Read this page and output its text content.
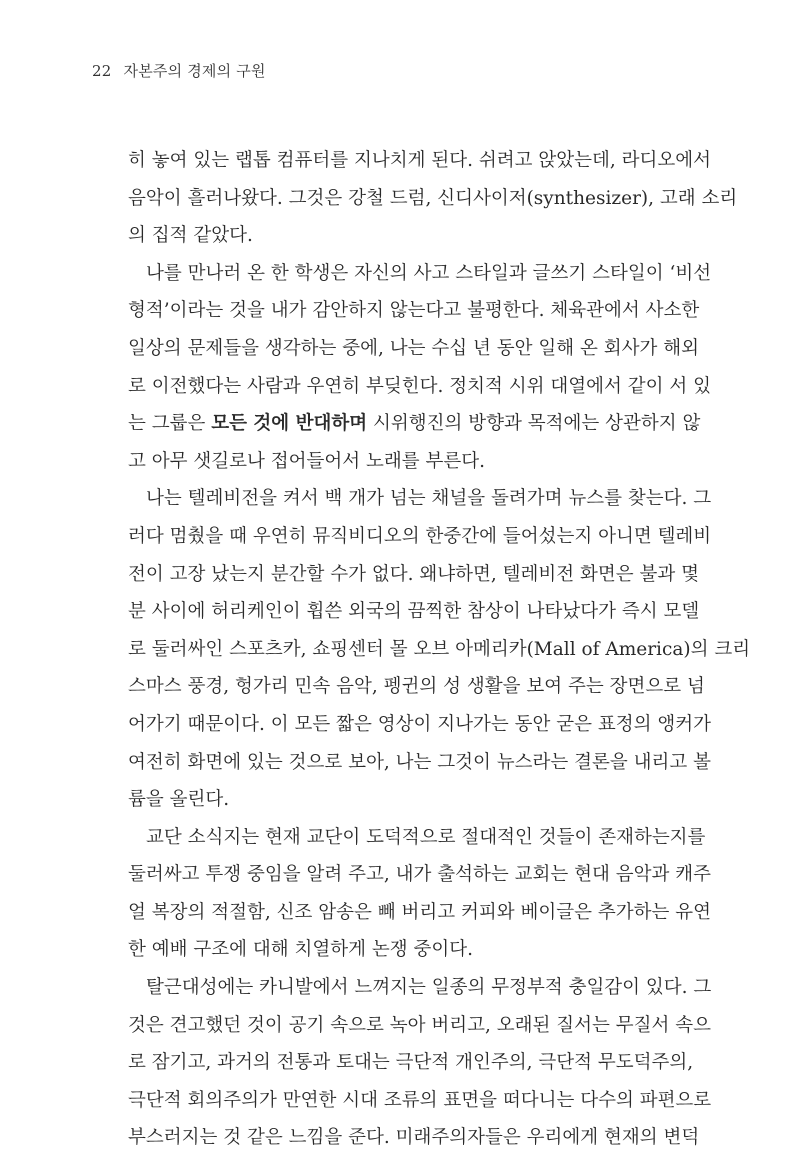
22 자본주의 경제의 구원
히 놓여 있는 랩톱 컴퓨터를 지나치게 된다. 쉬려고 앉았는데, 라디오에서
음악이 흘러나왔다. 그것은 강철 드럼, 신디사이저(synthesizer), 고래 소리
의 집적 같았다.
나를 만나러 온 한 학생은 자신의 사고 스타일과 글쓰기 스타일이 ‘비선
형적’이라는 것을 내가 감안하지 않는다고 불평한다. 체육관에서 사소한
일상의 문제들을 생각하는 중에, 나는 수십 년 동안 일해 온 회사가 해외
로 이전했다는 사람과 우연히 부딪힌다. 정치적 시위 대열에서 같이 서 있
는 그룹은 모든 것에 반대하며 시위행진의 방향과 목적에는 상관하지 않
고 아무 샛길로나 접어들어서 노래를 부른다.
나는 텔레비전을 켜서 백 개가 넘는 채널을 돌려가며 뉴스를 찾는다. 그
러다 멈췄을 때 우연히 뮤직비디오의 한중간에 들어섰는지 아니면 텔레비
전이 고장 났는지 분간할 수가 없다. 왜냐하면, 텔레비전 화면은 불과 몇
분 사이에 허리케인이 휩쓴 외국의 끔찍한 참상이 나타났다가 즉시 모델
로 둘러싸인 스포츠카, 쇼핑센터 몰 오브 아메리카(Mall of America)의 크리
스마스 풍경, 헝가리 민속 음악, 펭귄의 성 생활을 보여 주는 장면으로 넘
어가기 때문이다. 이 모든 짧은 영상이 지나가는 동안 굳은 표정의 앵커가
여전히 화면에 있는 것으로 보아, 나는 그것이 뉴스라는 결론을 내리고 볼
륨을 올린다.
교단 소식지는 현재 교단이 도덕적으로 절대적인 것들이 존재하는지를
둘러싸고 투쟁 중임을 알려 주고, 내가 출석하는 교회는 현대 음악과 캐주
얼 복장의 적절함, 신조 암송은 빼 버리고 커피와 베이글은 추가하는 유연
한 예배 구조에 대해 치열하게 논쟁 중이다.
탈근대성에는 카니발에서 느껴지는 일종의 무정부적 충일감이 있다. 그
것은 견고했던 것이 공기 속으로 녹아 버리고, 오래된 질서는 무질서 속으
로 잠기고, 과거의 전통과 토대는 극단적 개인주의, 극단적 무도덕주의,
극단적 회의주의가 만연한 시대 조류의 표면을 떠다니는 다수의 파편으로
부스러지는 것 같은 느낌을 준다. 미래주의자들은 우리에게 현재의 변덕
